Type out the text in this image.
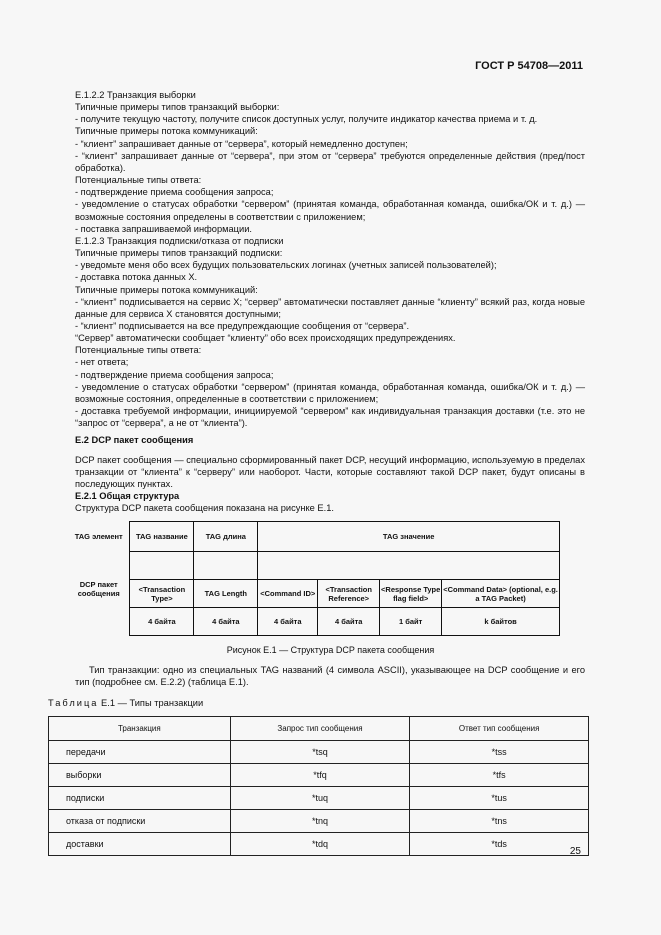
ГОСТ Р 54708—2011

Е.1.2.2 Транзакция выборки

Типичные примеры типов транзакций выборки:

- получите текущую частоту, получите список доступных услуг, получите индикатор качества приема и т. д.

Типичные примеры потока коммуникаций:

- “клиент” запрашивает данные от “сервера”, который немедленно доступен;

- “клиент” запрашивает данные от “сервера”, при этом от “сервера” требуются определенные действия (пред/пост обработка).

Потенциальные типы ответа:

- подтверждение приема сообщения запроса;

- уведомление о статусах обработки “сервером” (принятая команда, обработанная команда, ошибка/ОК и т. д.) — возможные состояния определены в соответствии с приложением;

- поставка запрашиваемой информации.

Е.1.2.3 Транзакция подписки/отказа от подписки

Типичные примеры типов транзакций подписки:

- уведомьте меня обо всех будущих пользовательских логинах (учетных записей пользователей);

- доставка потока данных X.

Типичные примеры потока коммуникаций:

- “клиент” подписывается на сервис X; “сервер” автоматически поставляет данные “клиенту” всякий раз, когда новые данные для сервиса X становятся доступными;

- “клиент” подписывается на все предупреждающие сообщения от “сервера”.

“Сервер” автоматически сообщает “клиенту” обо всех происходящих предупреждениях.

Потенциальные типы ответа:

- нет ответа;

- подтверждение приема сообщения запроса;

- уведомление о статусах обработки “сервером” (принятая команда, обработанная команда, ошибка/ОК и т. д.) — возможные состояния, определенные в соответствии с приложением;

- доставка требуемой информации, инициируемой “сервером” как индивидуальная транзакция доставки (т.е. это не “запрос от “сервера”, а не от “клиента”).

Е.2 DCP пакет сообщения

DCP пакет сообщения — специально сформированный пакет DCP, несущий информацию, используемую в пределах транзакции от “клиента” к “серверу” или наоборот. Части, которые составляют такой DCP пакет, будут описаны в последующих пунктах.

Е.2.1 Общая структура

Структура DCP пакета сообщения показана на рисунке Е.1.

TAG элемент	TAG название	TAG длина	TAG значение			

DCP пакет сообщения	<Transaction Type>	TAG Length	<Command ID>	<Transaction Reference>	<Response Type flag field>	<Command Data> (optional, e.g. a TAG Packet)
	4 байта	4 байта	4 байта	4 байта	1 байт	k байтов
Рисунок Е.1 — Структура DCP пакета сообщения

Тип транзакции: одно из специальных TAG названий (4 символа ASCII), указывающее на DCP сообщение и его тип (подробнее см. Е.2.2) (таблица Е.1).

Таблица Е.1 — Типы транзакции
Транзакция	Запрос тип сообщения	Ответ тип сообщения
передачи	*tsq	*tss
выборки	*tfq	*tfs
подписки	*tuq	*tus
отказа от подписки	*tnq	*tns
доставки	*tdq	*tds
25
